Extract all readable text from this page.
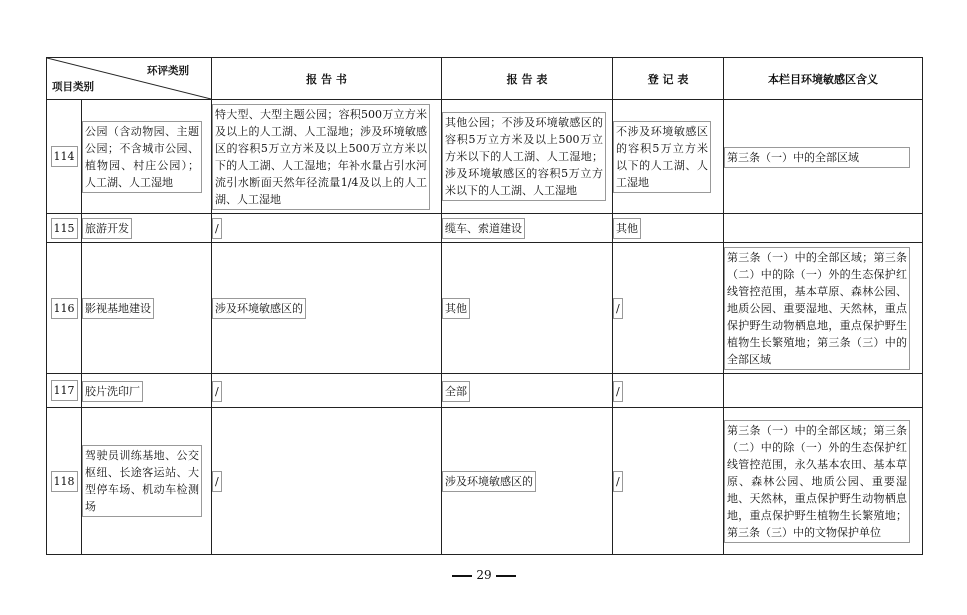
环评类别
项目类别		报 告 书	报 告 表	登 记 表	本栏目环境敏感区含义
114	公园（含动物园、主题公园；不含城市公园、植物园、村庄公园）；人工湖、人工湿地	特大型、大型主题公园；容积500万立方米及以上的人工湖、人工湿地；涉及环境敏感区的容积5万立方米及以上500万立方米以下的人工湖、人工湿地；年补水量占引水河流引水断面天然年径流量1/4及以上的人工湖、人工湿地	其他公园；不涉及环境敏感区的容积5万立方米及以上500万立方米以下的人工湖、人工湿地；涉及环境敏感区的容积5万立方米以下的人工湖、人工湿地	不涉及环境敏感区的容积5万立方米以下的人工湖、人工湿地	第三条（一）中的全部区域
115	旅游开发	/	缆车、索道建设	其他	
116	影视基地建设	涉及环境敏感区的	其他	/	第三条（一）中的全部区域；第三条（二）中的除（一）外的生态保护红线管控范围，基本草原、森林公园、地质公园、重要湿地、天然林，重点保护野生动物栖息地，重点保护野生植物生长繁殖地；第三条（三）中的全部区域
117	胶片洗印厂	/	全部	/	
118	驾驶员训练基地、公交枢纽、长途客运站、大型停车场、机动车检测场	/	涉及环境敏感区的	/	第三条（一）中的全部区域；第三条（二）中的除（一）外的生态保护红线管控范围，永久基本农田、基本草原、森林公园、地质公园、重要湿地、天然林，重点保护野生动物栖息地，重点保护野生植物生长繁殖地；第三条（三）中的文物保护单位
29
